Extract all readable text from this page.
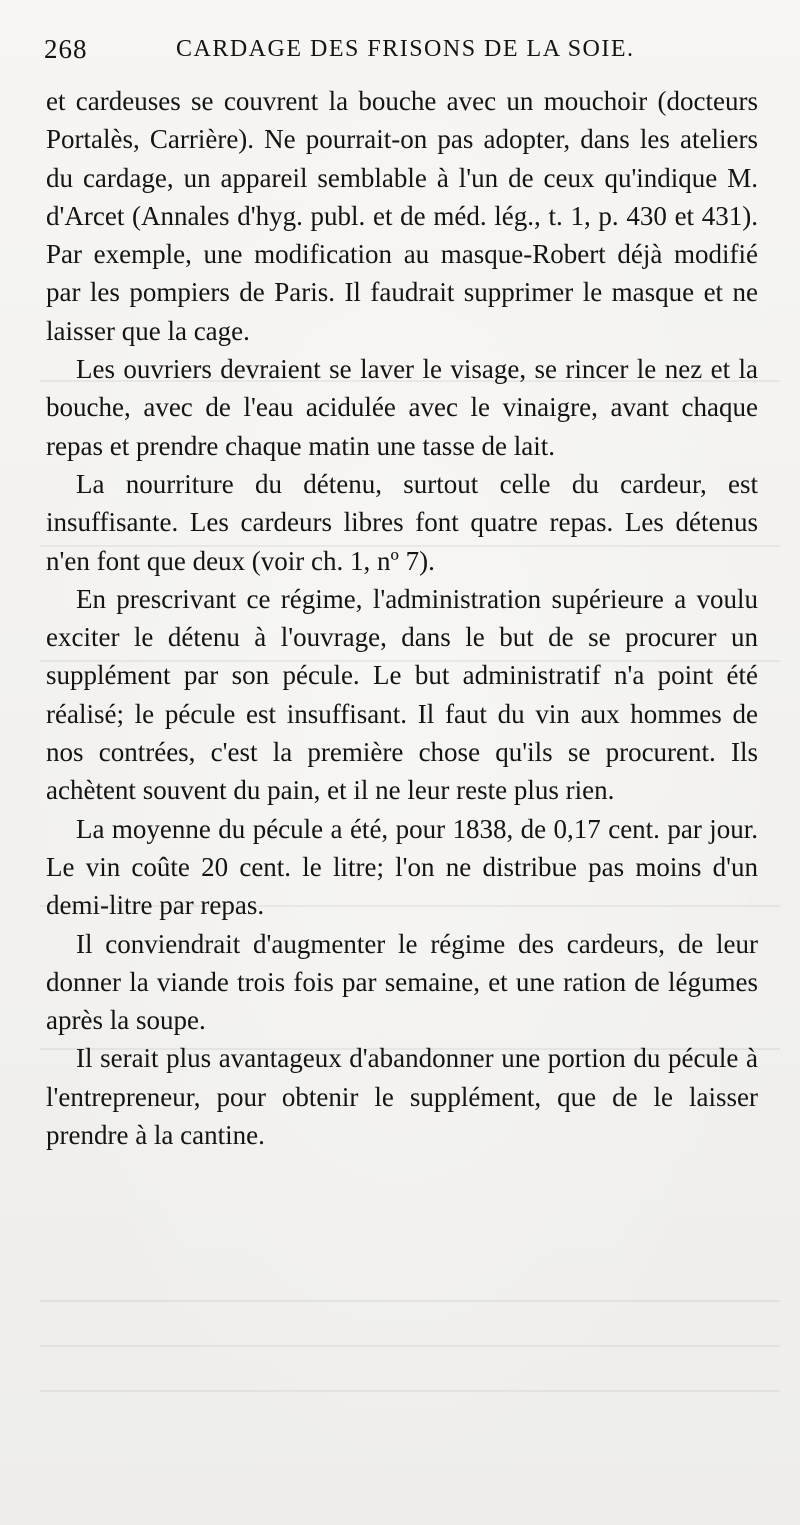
268	CARDAGE DES FRISONS DE LA SOIE.

et cardeuses se couvrent la bouche avec un mouchoir (docteurs Portalès, Carrière). Ne pourrait-on pas adopter, dans les ateliers du cardage, un appareil semblable à l'un de ceux qu'indique M. d'Arcet (Annales d'hyg. publ. et de méd. lég., t. 1, p. 430 et 431). Par exemple, une modification au masque-Robert déjà modifié par les pompiers de Paris. Il faudrait supprimer le masque et ne laisser que la cage.

Les ouvriers devraient se laver le visage, se rincer le nez et la bouche, avec de l'eau acidulée avec le vinaigre, avant chaque repas et prendre chaque matin une tasse de lait.

La nourriture du détenu, surtout celle du cardeur, est insuffisante. Les cardeurs libres font quatre repas. Les détenus n'en font que deux (voir ch. 1, nº 7).

En prescrivant ce régime, l'administration supérieure a voulu exciter le détenu à l'ouvrage, dans le but de se procurer un supplément par son pécule. Le but administratif n'a point été réalisé; le pécule est insuffisant. Il faut du vin aux hommes de nos contrées, c'est la première chose qu'ils se procurent. Ils achètent souvent du pain, et il ne leur reste plus rien.

La moyenne du pécule a été, pour 1838, de 0,17 cent. par jour. Le vin coûte 20 cent. le litre; l'on ne distribue pas moins d'un demi-litre par repas.

Il conviendrait d'augmenter le régime des cardeurs, de leur donner la viande trois fois par semaine, et une ration de légumes après la soupe.

Il serait plus avantageux d'abandonner une portion du pécule à l'entrepreneur, pour obtenir le supplément, que de le laisser prendre à la cantine.
